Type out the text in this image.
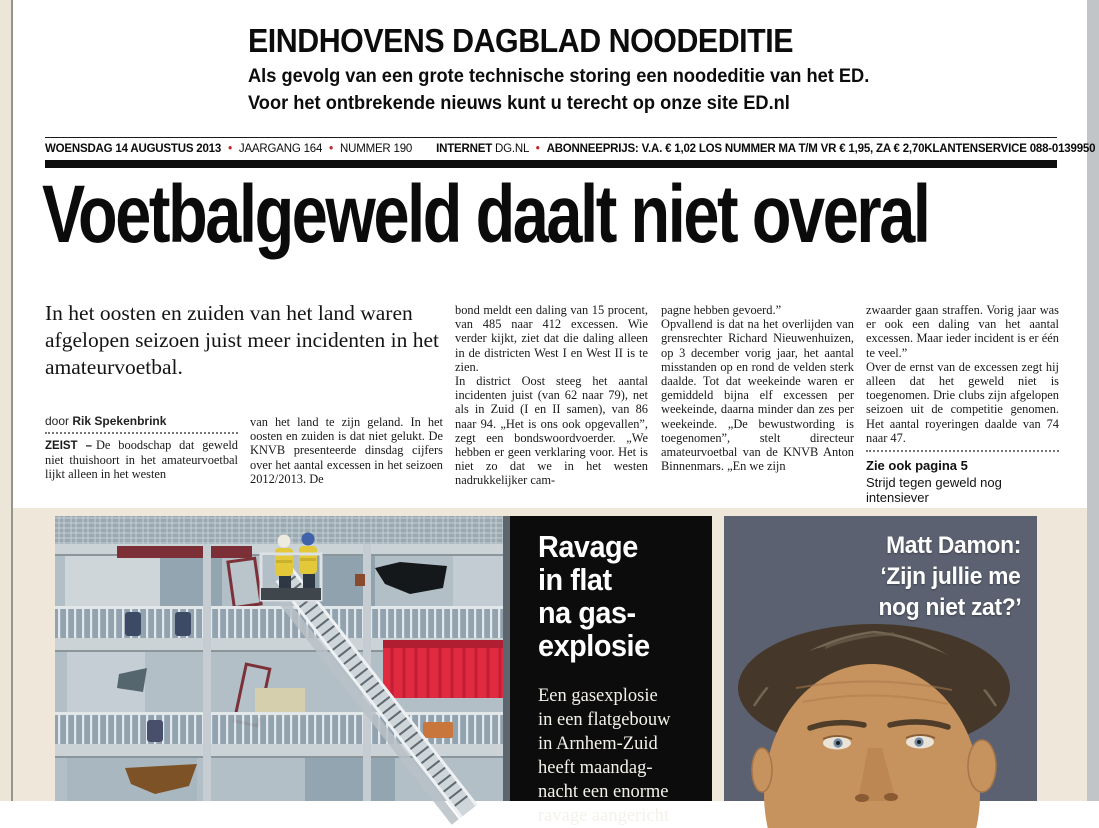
EINDHOVENS DAGBLAD NOODEDITIE
Als gevolg van een grote technische storing een noodeditie van het ED.
Voor het ontbrekende nieuws kunt u terecht op onze site ED.nl
WOENSDAG 14 AUGUSTUS 2013 • JAARGANG 164 • NUMMER 190 INTERNET DG.NL • ABONNEEPRIJS: V.A. € 1,02 LOS NUMMER MA T/M VR € 1,95, ZA € 2,70 KLANTENSERVICE 088-0139950
Voetbalgeweld daalt niet overal

In het oosten en zuiden van het land waren afgelopen seizoen juist meer incidenten in het amateurvoetbal.

door Rik Spekenbrink

ZEIST – De boodschap dat geweld niet thuishoort in het amateurvoetbal lijkt alleen in het westen

van het land te zijn geland. In het oosten en zuiden is dat niet gelukt. De KNVB presenteerde dinsdag cijfers over het aantal excessen in het seizoen 2012/2013. De

bond meldt een daling van 15 procent, van 485 naar 412 excessen. Wie verder kijkt, ziet dat die daling alleen in de districten West I en West II is te zien.

In district Oost steeg het aantal incidenten juist (van 62 naar 79), net als in Zuid (I en II samen), van 86 naar 94. „Het is ons ook opgevallen”, zegt een bondswoordvoerder. „We hebben er geen verklaring voor. Het is niet zo dat we in het westen nadrukkelijker cam-

pagne hebben gevoerd.”

Opvallend is dat na het overlijden van grensrechter Richard Nieuwenhuizen, op 3 december vorig jaar, het aantal misstanden op en rond de velden sterk daalde. Tot dat weekeinde waren er gemiddeld bijna elf excessen per weekeinde, daarna minder dan zes per weekeinde. „De bewustwording is toegenomen”, stelt directeur amateurvoetbal van de KNVB Anton Binnenmars. „En we zijn

zwaarder gaan straffen. Vorig jaar was er ook een daling van het aantal excessen. Maar ieder incident is er één te veel.”

Over de ernst van de excessen zegt hij alleen dat het geweld niet is toegenomen. Drie clubs zijn afgelopen seizoen uit de competitie genomen. Het aantal royeringen daalde van 74 naar 47.

Zie ook pagina 5

Strijd tegen geweld nog intensiever

Ravage
in flat
na gas-
explosie
Een gasexplosie
in een flatgebouw
in Arnhem-Zuid
heeft maandag-
nacht een enorme
ravage aangericht
Matt Damon:
‘Zijn jullie me
nog niet zat?’
